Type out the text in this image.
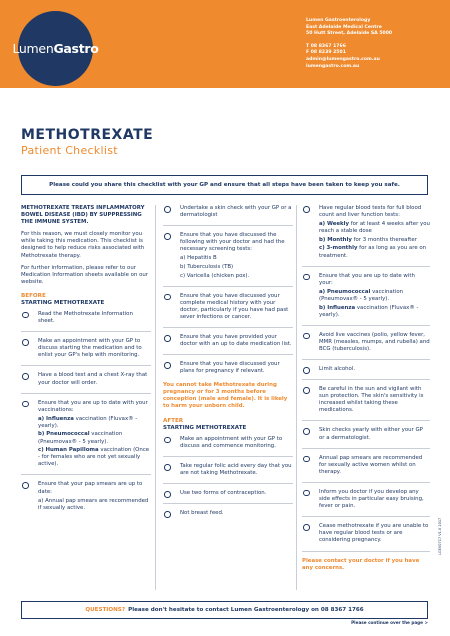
LumenGastro
Lumen Gastroenterology
East Adelaide Medical Centre
50 Hutt Street, Adelaide SA 5000
T 08 8367 1766
F 08 8239 2501
admin@lumengastro.com.au
lumengastro.com.au
METHOTREXATE
Patient Checklist
Please could you share this checklist with your GP and ensure that all steps have been taken to keep you safe.

METHOTREXATE TREATS INFLAMMATORY BOWEL DISEASE (IBD) BY SUPPRESSING THE IMMUNE SYSTEM.

For this reason, we must closely monitor you while taking this medication. This checklist is designed to help reduce risks associated with Methotrexate therapy.

For further information, please refer to our Medication Information sheets available on our website.

BEFORE
STARTING METHOTREXATE
Read the Methotrexate Information sheet.
Make an appointment with your GP to discuss starting the medication and to enlist your GP's help with monitoring.
Have a blood test and a chest X-ray that your doctor will order.
Ensure that you are up to date with your vaccinations:
a) Influenza vaccination (Fluvax® - yearly).
b) Pneumococcal vaccination (Pneumovax® - 5 yearly).
c) Human Papilloma vaccination (Once - for females who are not yet sexually active).
Ensure that your pap smears are up to date:
a) Annual pap smears are recommended if sexually active.
Undertake a skin check with your GP or a dermatologist
Ensure that you have discussed the following with your doctor and had the necessary screening tests:
a) Hepatitis B
b) Tuberculosis (TB)
c) Varicella (chicken pox).
Ensure that you have discussed your complete medical history with your doctor, particularly if you have had past sever infections or cancer.
Ensure that you have provided your doctor with an up to date medication list.
Ensure that you have discussed your plans for pregnancy if relevant.
You cannot take Methotrexate during pregnancy or for 3 months before conception (male and female). It is likely to harm your unborn child.
AFTER
STARTING METHOTREXATE
Make an appointment with your GP to discuss and commence monitoring.
Take regular folic acid every day that you are not taking Methotrexate.
Use two forms of contraception.
Not breast feed.
Have regular blood tests for full blood count and liver function tests:
a) Weekly for at least 4 weeks after you reach a stable dose
b) Monthly for 3 months thereafter
c) 3-monthly for as long as you are on treatment.
Ensure that you are up to date with your:
a) Pneumococcal vaccination (Pneumovax® - 5 yearly).
b) Influenza vaccination (Fluvax® - yearly).
Avoid live vaccines (polio, yellow fever, MMR (measles, mumps, and rubella) and BCG (tuberculosis).
Limit alcohol.
Be careful in the sun and vigilant with sun protection. The skin's sensitivity is increased whilst taking these medications.
Skin checks yearly with either your GP or a dermatologist.
Annual pap smears are recommended for sexually active women whilst on therapy.
Inform you doctor if you develop any side effects in particular easy bruising, fever or pain.
Cease methotrexate if you are unable to have regular blood tests or are considering pregnancy.
Please contact your doctor if you have any concerns.
LGEV0717 V1.0 2017
QUESTIONS? Please don't hesitate to contact Lumen Gastroenterology on 08 8367 1766
Please continue over the page >
